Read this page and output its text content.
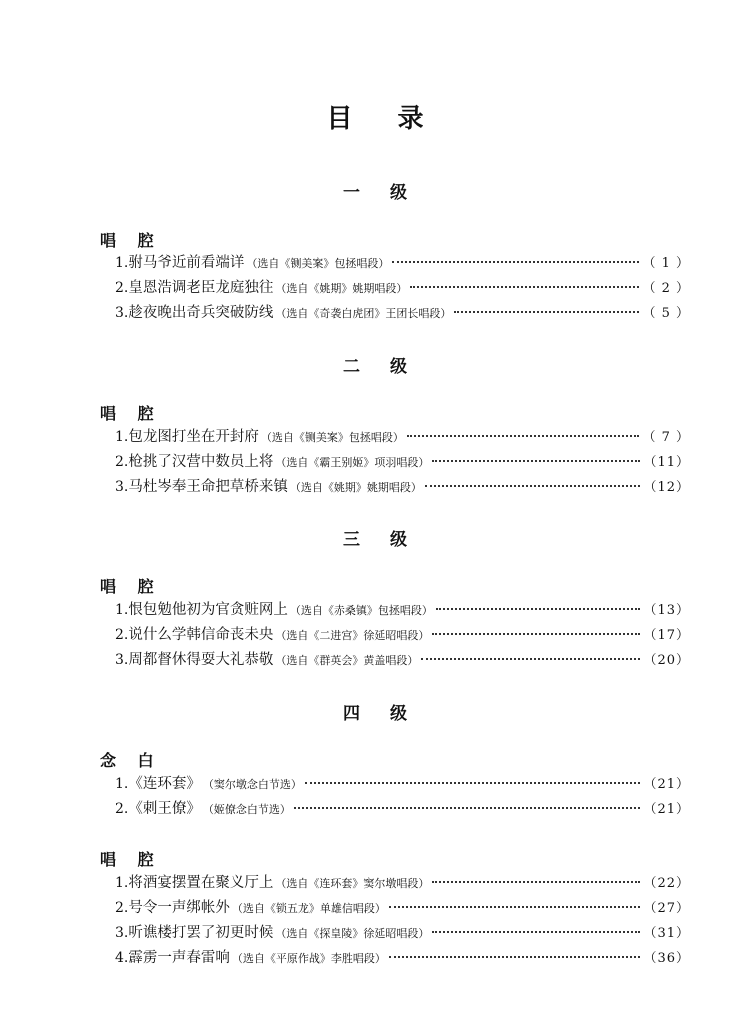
目 录
一 级
唱 腔
1. 驸马爷近前看端详 （选自《铡美案》包拯唱段）	（ 1 ）
2. 皇恩浩调老臣龙庭独往 （选自《姚期》姚期唱段）	（ 2 ）
3. 趁夜晚出奇兵突破防线 （选自《奇袭白虎团》王团长唱段）	（ 5 ）
二 级
唱 腔
1. 包龙图打坐在开封府 （选自《铡美案》包拯唱段）	（ 7 ）
2. 枪挑了汉营中数员上将 （选自《霸王别姬》项羽唱段）	（11）
3. 马杜岑奉王命把草桥来镇 （选自《姚期》姚期唱段）	（12）
三 级
唱 腔
1. 恨包勉他初为官贪赃网上 （选自《赤桑镇》包拯唱段）	（13）
2. 说什么学韩信命丧未央 （选自《二进宫》徐延昭唱段）	（17）
3. 周都督休得耍大礼恭敬 （选自《群英会》黄盖唱段）	（20）
四 级
念 白
1. 《连环套》 （窦尔墩念白节选）	（21）
2. 《刺王僚》 （姬僚念白节选）	（21）
唱 腔
1. 将酒宴摆置在聚义厅上 （选自《连环套》窦尔墩唱段）	（22）
2. 号令一声绑帐外 （选自《锁五龙》单雄信唱段）	（27）
3. 听谯楼打罢了初更时候 （选自《探皇陵》徐延昭唱段）	（31）
4. 霹雳一声春雷响 （选自《平原作战》李胜唱段）	（36）
